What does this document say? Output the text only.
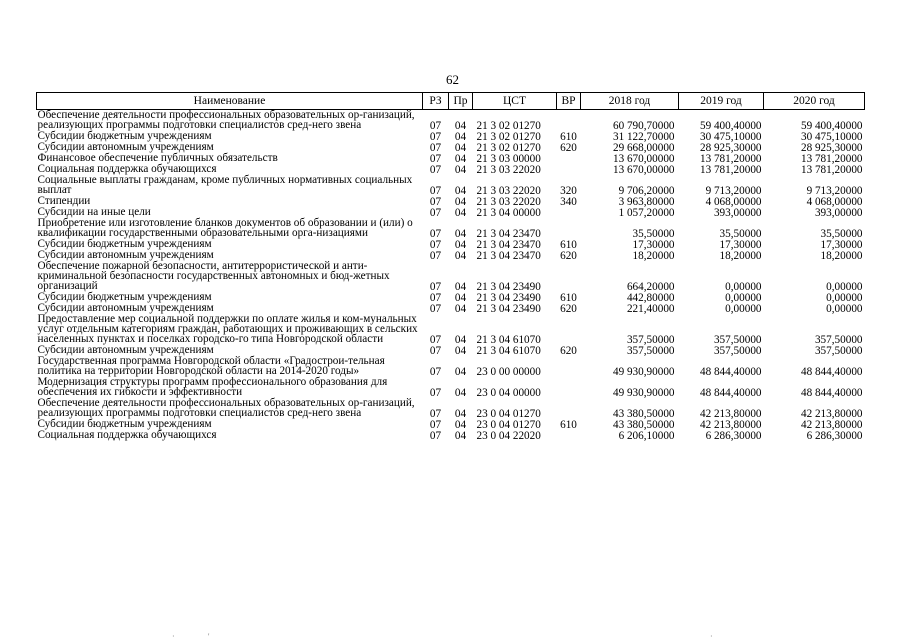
62
Наименование	РЗ	Пр	ЦСТ	ВР	2018 год	2019 год	2020 год
Обеспечение деятельности профессиональных образовательных ор-ганизаций, реализующих программы подготовки специалистов сред-него звена	07	04	21 3 02 01270		60 790,70000	59 400,40000	59 400,40000
Субсидии бюджетным учреждениям	07	04	21 3 02 01270	610	31 122,70000	30 475,10000	30 475,10000
Субсидии автономным учреждениям	07	04	21 3 02 01270	620	29 668,00000	28 925,30000	28 925,30000
Финансовое обеспечение публичных обязательств	07	04	21 3 03 00000		13 670,00000	13 781,20000	13 781,20000
Социальная поддержка обучающихся	07	04	21 3 03 22020		13 670,00000	13 781,20000	13 781,20000
Социальные выплаты гражданам, кроме публичных нормативных социальных выплат	07	04	21 3 03 22020	320	9 706,20000	9 713,20000	9 713,20000
Стипендии	07	04	21 3 03 22020	340	3 963,80000	4 068,00000	4 068,00000
Субсидии на иные цели	07	04	21 3 04 00000		1 057,20000	393,00000	393,00000
Приобретение или изготовление бланков документов об образовании и (или) о квалификации государственными образовательными орга-низациями	07	04	21 3 04 23470		35,50000	35,50000	35,50000
Субсидии бюджетным учреждениям	07	04	21 3 04 23470	610	17,30000	17,30000	17,30000
Субсидии автономным учреждениям	07	04	21 3 04 23470	620	18,20000	18,20000	18,20000
Обеспечение пожарной безопасности, антитеррористической и анти-криминальной безопасности государственных автономных и бюд-жетных организаций	07	04	21 3 04 23490		664,20000	0,00000	0,00000
Субсидии бюджетным учреждениям	07	04	21 3 04 23490	610	442,80000	0,00000	0,00000
Субсидии автономным учреждениям	07	04	21 3 04 23490	620	221,40000	0,00000	0,00000
Предоставление мер социальной поддержки по оплате жилья и ком-мунальных услуг отдельным категориям граждан, работающих и проживающих в сельских населенных пунктах и поселках городско-го типа Новгородской области	07	04	21 3 04 61070		357,50000	357,50000	357,50000
Субсидии автономным учреждениям	07	04	21 3 04 61070	620	357,50000	357,50000	357,50000
Государственная программа Новгородской области «Градострои-тельная политика на территории Новгородской области на 2014-2020 годы»	07	04	23 0 00 00000		49 930,90000	48 844,40000	48 844,40000
Модернизация структуры программ профессионального образования для обеспечения их гибкости и эффективности	07	04	23 0 04 00000		49 930,90000	48 844,40000	48 844,40000
Обеспечение деятельности профессиональных образовательных ор-ганизаций, реализующих программы подготовки специалистов сред-него звена	07	04	23 0 04 01270		43 380,50000	42 213,80000	42 213,80000
Субсидии бюджетным учреждениям	07	04	23 0 04 01270	610	43 380,50000	42 213,80000	42 213,80000
Социальная поддержка обучающихся	07	04	23 0 04 22020		6 206,10000	6 286,30000	6 286,30000
·	'	·
